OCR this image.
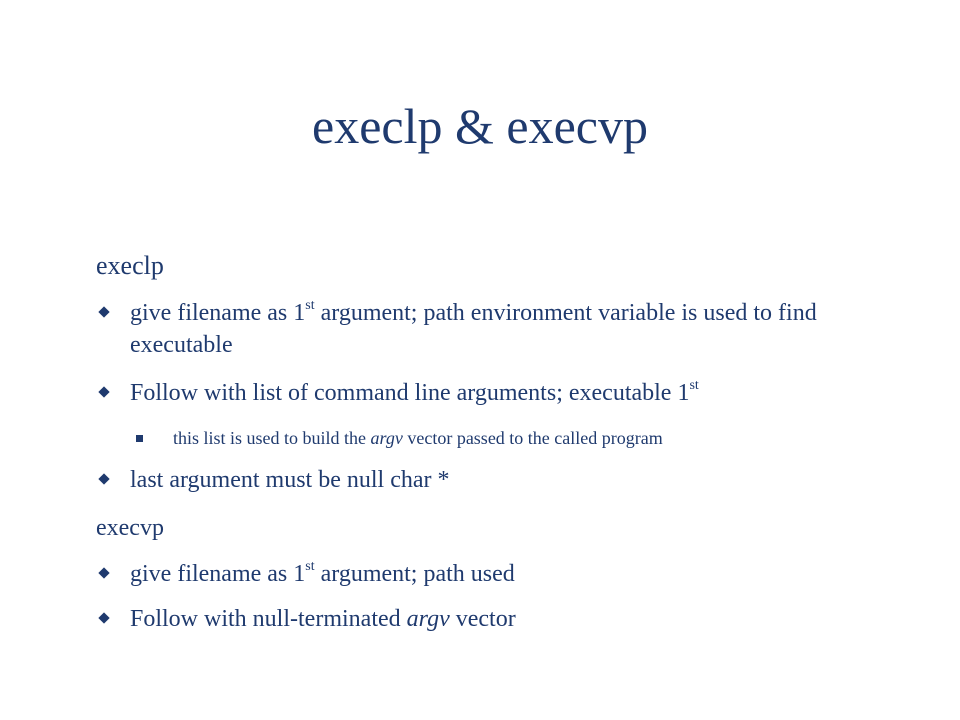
execlp & execvp

execlp

give filename as 1st argument; path environment variable is used to find executable
Follow with list of command line arguments; executable 1st
this list is used to build the argv vector passed to the called program
last argument must be null char *

execvp

give filename as 1st argument; path used
Follow with null-terminated argv vector
